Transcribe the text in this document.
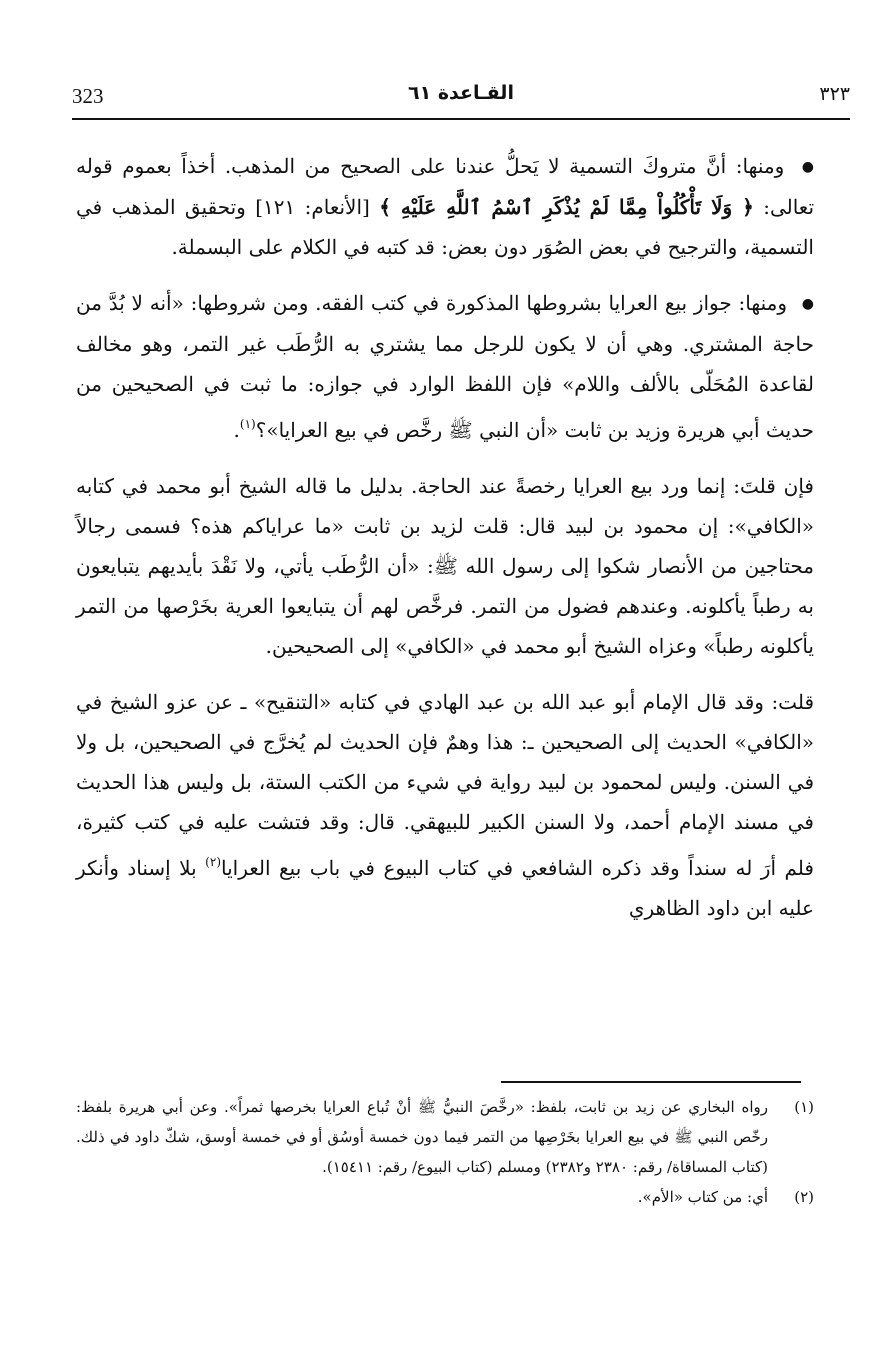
323	القـاعدة ٦١	٣٢٣

● ومنها: أنَّ متروكَ التسمية لا يَحلُّ عندنا على الصحيح من المذهب. أخذاً بعموم قوله تعالى: ﴿ وَلَا تَأْكُلُواْ مِمَّا لَمْ يُذْكَرِ ٱسْمُ ٱللَّهِ عَلَيْهِ ﴾ [الأنعام: ١٢١] وتحقيق المذهب في التسمية، والترجيح في بعض الصُوَر دون بعض: قد كتبه في الكلام على البسملة.

● ومنها: جواز بيع العرايا بشروطها المذكورة في كتب الفقه. ومن شروطها: «أنه لا بُدَّ من حاجة المشتري. وهي أن لا يكون للرجل مما يشتري به الرُّطَب غير التمر، وهو مخالف لقاعدة المُحَلّى بالألف واللام» فإن اللفظ الوارد في جوازه: ما ثبت في الصحيحين من حديث أبي هريرة وزيد بن ثابت «أن النبي ﷺ رخَّص في بيع العرايا»؟$^{(١)}$.

فإن قلتَ: إنما ورد بيع العرايا رخصةً عند الحاجة. بدليل ما قاله الشيخ أبو محمد في كتابه «الكافي»: إن محمود بن لبيد قال: قلت لزيد بن ثابت «ما عراياكم هذه؟ فسمى رجالاً محتاجين من الأنصار شكوا إلى رسول الله ﷺ: «أن الرُّطَب يأتي، ولا نَقْدَ بأيديهم يتبايعون به رطباً يأكلونه. وعندهم فضول من التمر. فرخَّص لهم أن يتبايعوا العرية بخَرْصها من التمر يأكلونه رطباً» وعزاه الشيخ أبو محمد في «الكافي» إلى الصحيحين.

قلت: وقد قال الإمام أبو عبد الله بن عبد الهادي في كتابه «التنقيح» ـ عن عزو الشيخ في «الكافي» الحديث إلى الصحيحين ـ: هذا وهمٌ فإن الحديث لم يُخرَّج في الصحيحين، بل ولا في السنن. وليس لمحمود بن لبيد رواية في شيء من الكتب الستة، بل وليس هذا الحديث في مسند الإمام أحمد، ولا السنن الكبير للبيهقي. قال: وقد فتشت عليه في كتب كثيرة، فلم أرَ له سنداً وقد ذكره الشافعي في كتاب البيوع في باب بيع العرايا$^{(٢)}$ بلا إسناد وأنكر عليه ابن داود الظاهري

(١)
رواه البخاري عن زيد بن ثابت، بلفظ: «رخَّصَ النبيُّ ﷺ أنْ تُباع العرايا بخرصها ثمراً». وعن أبي هريرة بلفظ: رخّص النبي ﷺ في بيع العرايا بخَرْصِها من التمر فيما دون خمسة أوسُق أو في خمسة أوسق، شكّ داود في ذلك. (كتاب المساقاة/ رقم: ٢٣٨٠ و٢٣٨٢) ومسلم (كتاب البيوع/ رقم: ١٥٤١١).
(٢)
أي: من كتاب «الأم».
